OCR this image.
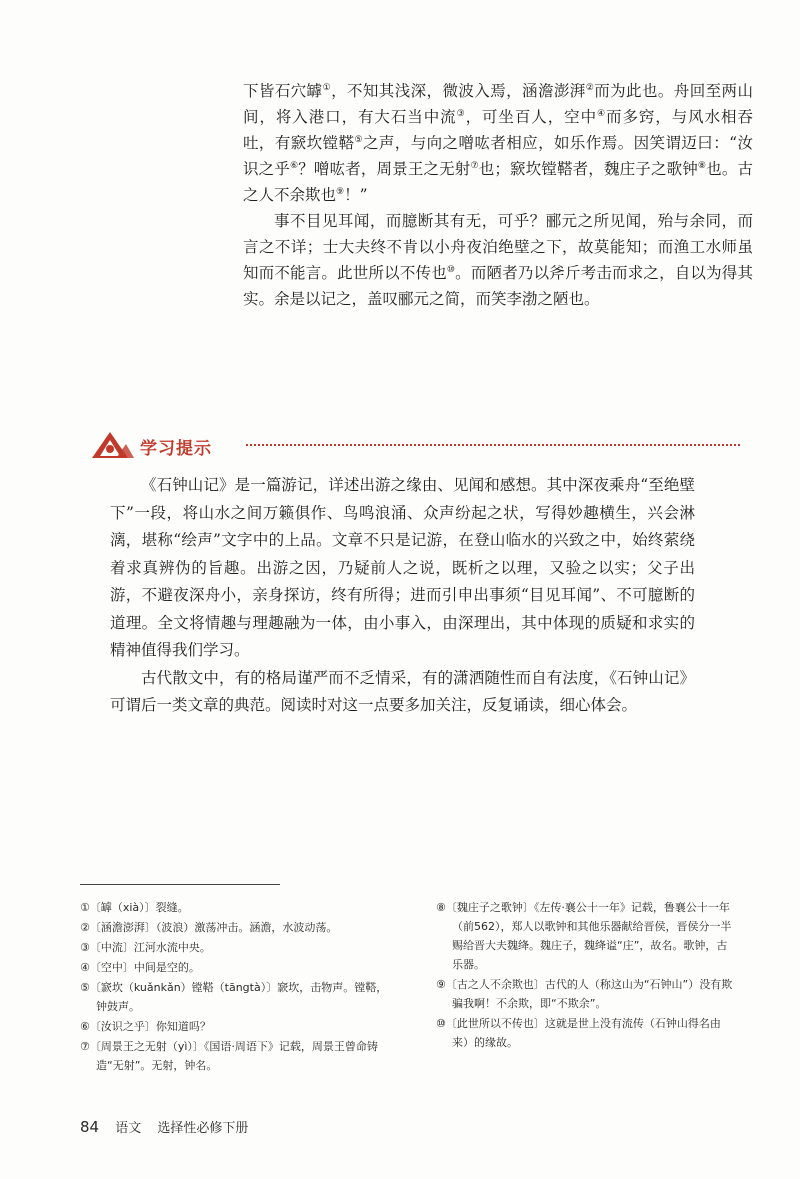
下皆石穴罅①，不知其浅深，微波入焉，涵澹澎湃②而为此也。舟回至两山间，将入港口，有大石当中流③，可坐百人，空中④而多窍，与风水相吞吐，有窾坎镗鞳⑤之声，与向之噌吰者相应，如乐作焉。因笑谓迈曰：“汝识之乎⑥？噌吰者，周景王之无射⑦也；窾坎镗鞳者，魏庄子之歌钟⑧也。古之人不余欺也⑨！”

事不目见耳闻，而臆断其有无，可乎？郦元之所见闻，殆与余同，而言之不详；士大夫终不肯以小舟夜泊绝壁之下，故莫能知；而渔工水师虽知而不能言。此世所以不传也⑩。而陋者乃以斧斤考击而求之，自以为得其实。余是以记之，盖叹郦元之简，而笑李渤之陋也。

学习提示

《石钟山记》是一篇游记，详述出游之缘由、见闻和感想。其中深夜乘舟“至绝壁下”一段，将山水之间万籁俱作、鸟鸣浪涌、众声纷起之状，写得妙趣横生，兴会淋漓，堪称“绘声”文字中的上品。文章不只是记游，在登山临水的兴致之中，始终萦绕着求真辨伪的旨趣。出游之因，乃疑前人之说，既析之以理，又验之以实；父子出游，不避夜深舟小，亲身探访，终有所得；进而引申出事须“目见耳闻”、不可臆断的道理。全文将情趣与理趣融为一体，由小事入，由深理出，其中体现的质疑和求实的精神值得我们学习。

古代散文中，有的格局谨严而不乏情采，有的潇洒随性而自有法度，《石钟山记》可谓后一类文章的典范。阅读时对这一点要多加关注，反复诵读，细心体会。

①〔罅（xià）〕裂缝。

②〔涵澹澎湃〕（波浪）激荡冲击。涵澹，水波动荡。

③〔中流〕江河水流中央。

④〔空中〕中间是空的。

⑤〔窾坎（kuǎnkǎn）镗鞳（tāngtà）〕窾坎，击物声。镗鞳，钟鼓声。

⑥〔汝识之乎〕你知道吗？

⑦〔周景王之无射（yì）〕《国语·周语下》记载，周景王曾命铸造“无射”。无射，钟名。

⑧〔魏庄子之歌钟〕《左传·襄公十一年》记载，鲁襄公十一年（前562），郑人以歌钟和其他乐器献给晋侯，晋侯分一半赐给晋大夫魏绛。魏庄子，魏绛谥“庄”，故名。歌钟，古乐器。

⑨〔古之人不余欺也〕古代的人（称这山为“石钟山”）没有欺骗我啊！不余欺，即“不欺余”。

⑩〔此世所以不传也〕这就是世上没有流传（石钟山得名由来）的缘故。

84 语文 选择性必修下册
